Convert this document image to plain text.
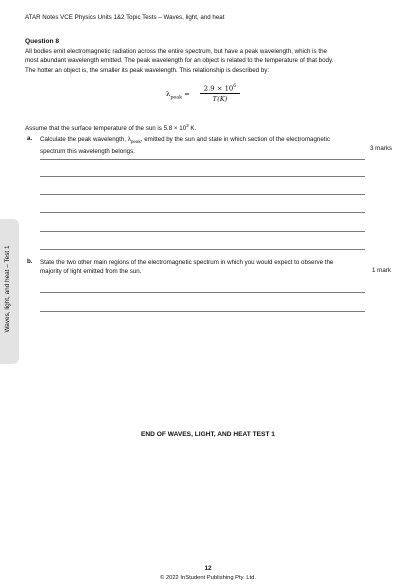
ATAR Notes VCE Physics Units 1&2 Topic Tests – Waves, light, and heat
Question 8
All bodies emit electromagnetic radiation across the entire spectrum, but have a peak wavelength, which is the
most abundant wavelength emitted. The peak wavelength for an object is related to the temperature of that body.
The hotter an object is, the smaller its peak wavelength. This relationship is described by:
$\lambda_{peak} = \frac{2.9 \times 10^6}{T(K)}$
Assume that the surface temperature of the sun is $5.8 \times 10^3$ K.
a. Calculate the peak wavelength, $\lambda_{peak}$, emitted by the sun and state in which section of the electromagnetic
spectrum this wavelength belongs.	3 marks
b. State the two other main regions of the electromagnetic spectrum in which you would expect to observe the
majority of light emitted from the sun.	1 mark
Waves, light, and heat – Test 1
END OF WAVES, LIGHT, AND HEAT TEST 1
12
© 2022 InStudent Publishing Pty. Ltd.
